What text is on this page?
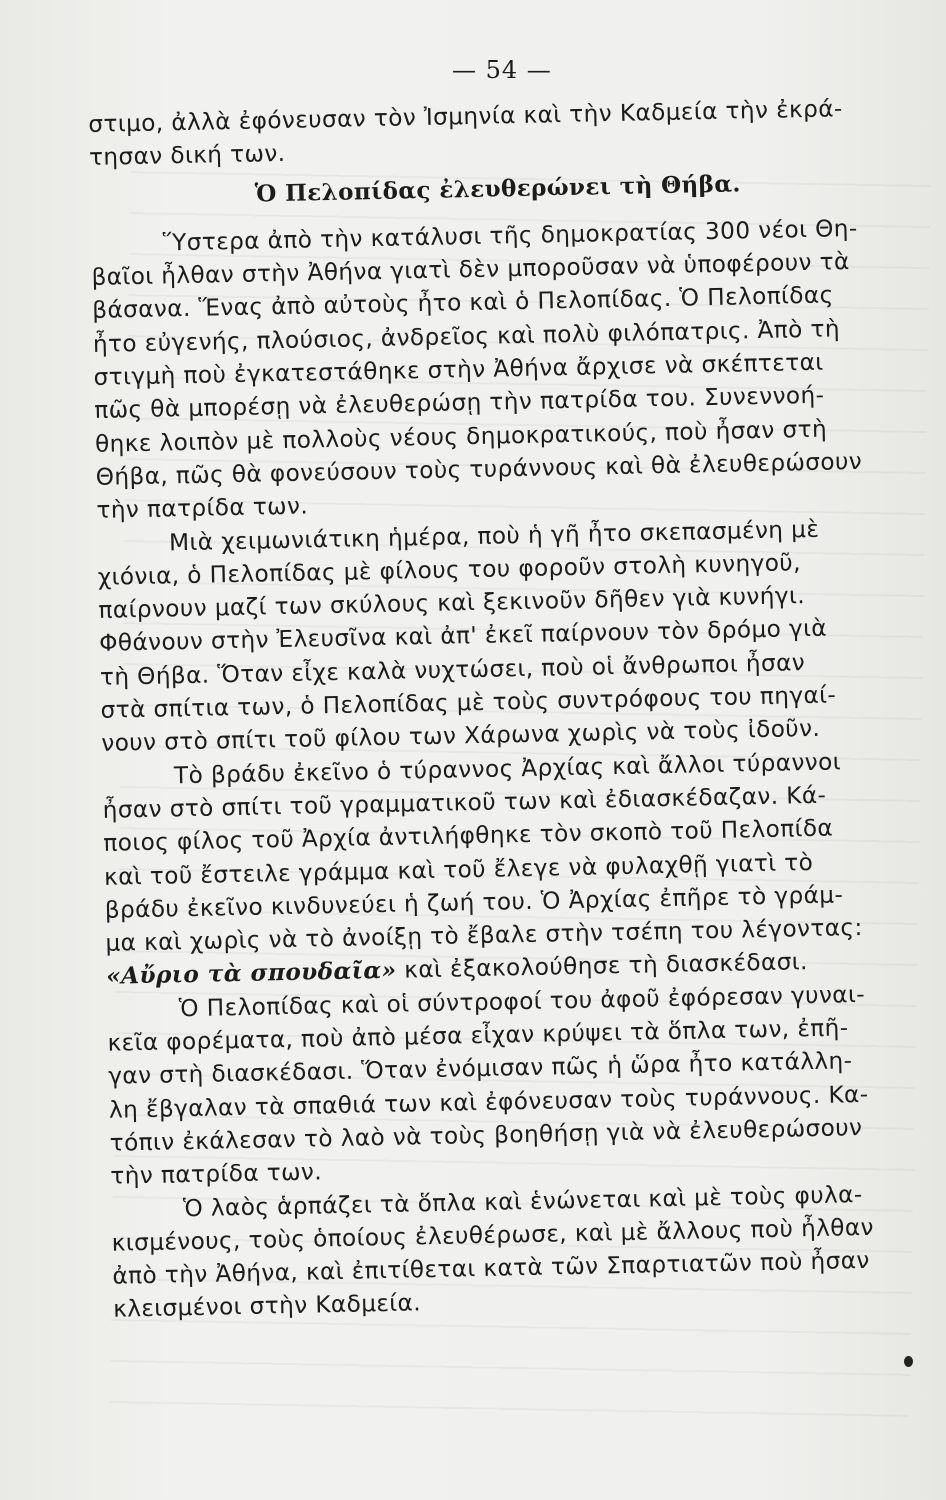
— 54 —
στιμο, ἀλλὰ ἐφόνευσαν τὸν Ἰσμηνία καὶ τὴν Καδμεία τὴν ἐκρά-
τησαν δική των.
Ὁ Πελοπίδας ἐλευθερώνει τὴ Θήβα.
Ὕστερα ἀπὸ τὴν κατάλυσι τῆς δημοκρατίας 300 νέοι Θη-
βαῖοι ἦλθαν στὴν Ἀθήνα γιατὶ δὲν μποροῦσαν νὰ ὑποφέρουν τὰ
βάσανα. Ἕνας ἀπὸ αὐτοὺς ἦτο καὶ ὁ Πελοπίδας. Ὁ Πελοπίδας
ἦτο εὐγενής, πλούσιος, ἀνδρεῖος καὶ πολὺ φιλόπατρις. Ἀπὸ τὴ
στιγμὴ ποὺ ἐγκατεστάθηκε στὴν Ἀθήνα ἄρχισε νὰ σκέπτεται
πῶς θὰ μπορέσῃ νὰ ἐλευθερώσῃ τὴν πατρίδα του. Συνεννοή-
θηκε λοιπὸν μὲ πολλοὺς νέους δημοκρατικούς, ποὺ ἦσαν στὴ
Θήβα, πῶς θὰ φονεύσουν τοὺς τυράννους καὶ θὰ ἐλευθερώσουν
τὴν πατρίδα των.
Μιὰ χειμωνιάτικη ἡμέρα, ποὺ ἡ γῆ ἦτο σκεπασμένη μὲ
χιόνια, ὁ Πελοπίδας μὲ φίλους του φοροῦν στολὴ κυνηγοῦ,
παίρνουν μαζί των σκύλους καὶ ξεκινοῦν δῆθεν γιὰ κυνήγι.
Φθάνουν στὴν Ἐλευσῖνα καὶ ἀπ' ἐκεῖ παίρνουν τὸν δρόμο γιὰ
τὴ Θήβα. Ὅταν εἶχε καλὰ νυχτώσει, ποὺ οἱ ἄνθρωποι ἦσαν
στὰ σπίτια των, ὁ Πελοπίδας μὲ τοὺς συντρόφους του πηγαί-
νουν στὸ σπίτι τοῦ φίλου των Χάρωνα χωρὶς νὰ τοὺς ἰδοῦν.
Τὸ βράδυ ἐκεῖνο ὁ τύραννος Ἀρχίας καὶ ἄλλοι τύραννοι
ἦσαν στὸ σπίτι τοῦ γραμματικοῦ των καὶ ἐδιασκέδαζαν. Κά-
ποιος φίλος τοῦ Ἀρχία ἀντιλήφθηκε τὸν σκοπὸ τοῦ Πελοπίδα
καὶ τοῦ ἔστειλε γράμμα καὶ τοῦ ἔλεγε νὰ φυλαχθῇ γιατὶ τὸ
βράδυ ἐκεῖνο κινδυνεύει ἡ ζωή του. Ὁ Ἀρχίας ἐπῆρε τὸ γράμ-
μα καὶ χωρὶς νὰ τὸ ἀνοίξῃ τὸ ἔβαλε στὴν τσέπη του λέγοντας:
«Αὔριο τὰ σπουδαῖα» καὶ ἐξακολούθησε τὴ διασκέδασι.
Ὁ Πελοπίδας καὶ οἱ σύντροφοί του ἀφοῦ ἐφόρεσαν γυναι-
κεῖα φορέματα, ποὺ ἀπὸ μέσα εἶχαν κρύψει τὰ ὅπλα των, ἐπῆ-
γαν στὴ διασκέδασι. Ὅταν ἐνόμισαν πῶς ἡ ὥρα ἦτο κατάλλη-
λη ἔβγαλαν τὰ σπαθιά των καὶ ἐφόνευσαν τοὺς τυράννους. Κα-
τόπιν ἐκάλεσαν τὸ λαὸ νὰ τοὺς βοηθήσῃ γιὰ νὰ ἐλευθερώσουν
τὴν πατρίδα των.
Ὁ λαὸς ἁρπάζει τὰ ὅπλα καὶ ἑνώνεται καὶ μὲ τοὺς φυλα-
κισμένους, τοὺς ὁποίους ἐλευθέρωσε, καὶ μὲ ἄλλους ποὺ ἦλθαν
ἀπὸ τὴν Ἀθήνα, καὶ ἐπιτίθεται κατὰ τῶν Σπαρτιατῶν ποὺ ἦσαν
κλεισμένοι στὴν Καδμεία.
